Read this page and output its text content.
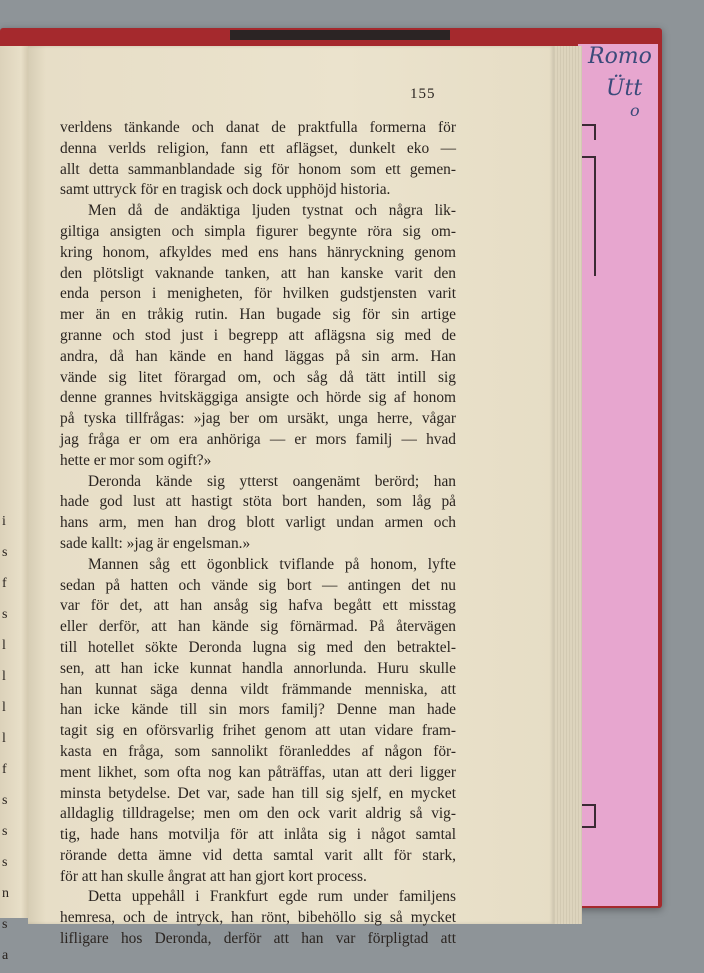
Romo
Ütt
o
i
s
f
s
l
l
l
l
f
s
s
s
n
s
a
155
verldens tänkande och danat de praktfulla formerna för
denna verlds religion, fann ett aflägset, dunkelt eko —
allt detta sammanblandade sig för honom som ett gemen-
samt uttryck för en tragisk och dock upphöjd historia.
Men då de andäktiga ljuden tystnat och några lik-
giltiga ansigten och simpla figurer begynte röra sig om-
kring honom, afkyldes med ens hans hänryckning genom
den plötsligt vaknande tanken, att han kanske varit den
enda person i menigheten, för hvilken gudstjensten varit
mer än en tråkig rutin. Han bugade sig för sin artige
granne och stod just i begrepp att aflägsna sig med de
andra, då han kände en hand läggas på sin arm. Han
vände sig litet förargad om, och såg då tätt intill sig
denne grannes hvitskäggiga ansigte och hörde sig af honom
på tyska tillfrågas: »jag ber om ursäkt, unga herre, vågar
jag fråga er om era anhöriga — er mors familj — hvad
hette er mor som ogift?»
Deronda kände sig ytterst oangenämt berörd; han
hade god lust att hastigt stöta bort handen, som låg på
hans arm, men han drog blott varligt undan armen och
sade kallt: »jag är engelsman.»
Mannen såg ett ögonblick tviflande på honom, lyfte
sedan på hatten och vände sig bort — antingen det nu
var för det, att han ansåg sig hafva begått ett misstag
eller derför, att han kände sig förnärmad. På återvägen
till hotellet sökte Deronda lugna sig med den betraktel-
sen, att han icke kunnat handla annorlunda. Huru skulle
han kunnat säga denna vildt främmande menniska, att
han icke kände till sin mors familj? Denne man hade
tagit sig en oförsvarlig frihet genom att utan vidare fram-
kasta en fråga, som sannolikt föranleddes af någon för-
ment likhet, som ofta nog kan påträffas, utan att deri ligger
minsta betydelse. Det var, sade han till sig sjelf, en mycket
alldaglig tilldragelse; men om den ock varit aldrig så vig-
tig, hade hans motvilja för att inlåta sig i något samtal
rörande detta ämne vid detta samtal varit allt för stark,
för att han skulle ångrat att han gjort kort process.
Detta uppehåll i Frankfurt egde rum under familjens
hemresa, och de intryck, han rönt, bibehöllo sig så mycket
lifligare hos Deronda, derför att han var förpligtad att
